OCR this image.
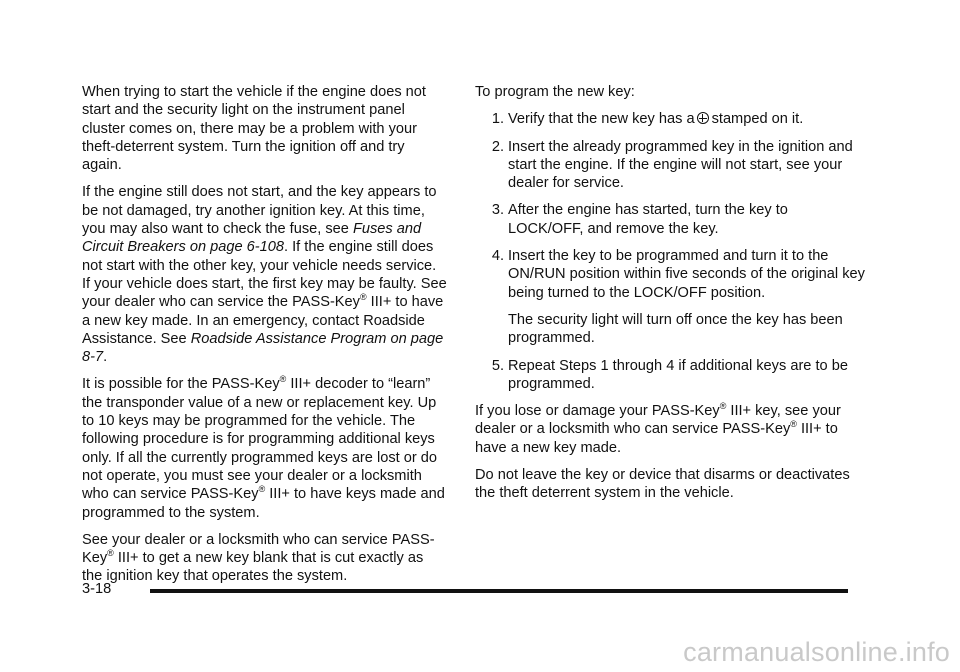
When trying to start the vehicle if the engine does not start and the security light on the instrument panel cluster comes on, there may be a problem with your theft-deterrent system. Turn the ignition off and try again.

If the engine still does not start, and the key appears to be not damaged, try another ignition key. At this time, you may also want to check the fuse, see Fuses and Circuit Breakers on page 6-108. If the engine still does not start with the other key, your vehicle needs service. If your vehicle does start, the first key may be faulty. See your dealer who can service the PASS-Key® III+ to have a new key made. In an emergency, contact Roadside Assistance. See Roadside Assistance Program on page 8-7.

It is possible for the PASS-Key® III+ decoder to “learn” the transponder value of a new or replacement key. Up to 10 keys may be programmed for the vehicle. The following procedure is for programming additional keys only. If all the currently programmed keys are lost or do not operate, you must see your dealer or a locksmith who can service PASS-Key® III+ to have keys made and programmed to the system.

See your dealer or a locksmith who can service PASS-Key® III+ to get a new key blank that is cut exactly as the ignition key that operates the system.

To program the new key:

1. Verify that the new key has a stamped on it.
2. Insert the already programmed key in the ignition and start the engine. If the engine will not start, see your dealer for service.
3. After the engine has started, turn the key to LOCK/OFF, and remove the key.
4. Insert the key to be programmed and turn it to the ON/RUN position within five seconds of the original key being turned to the LOCK/OFF position.

The security light will turn off once the key has been programmed.

5. Repeat Steps 1 through 4 if additional keys are to be programmed.

If you lose or damage your PASS-Key® III+ key, see your dealer or a locksmith who can service PASS-Key® III+ to have a new key made.

Do not leave the key or device that disarms or deactivates the theft deterrent system in the vehicle.

3-18
carmanualsonline.info
